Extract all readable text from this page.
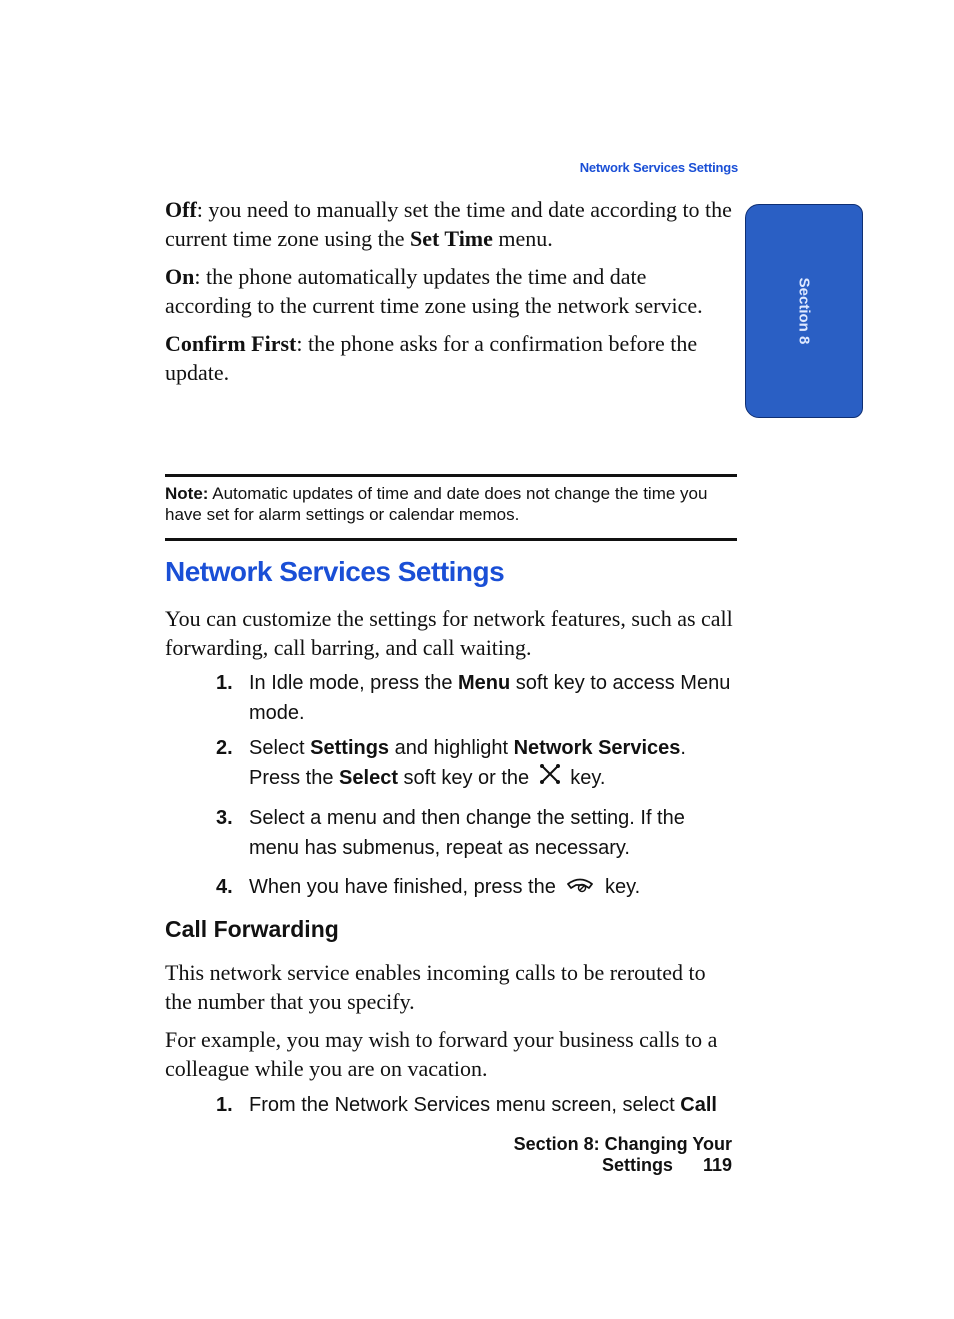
Network Services Settings
Section 8

Off: you need to manually set the time and date according to the current time zone using the Set Time menu.

On: the phone automatically updates the time and date according to the current time zone using the network service.

Confirm First: the phone asks for a confirmation before the update.

Note: Automatic updates of time and date does not change the time you have set for alarm settings or calendar memos.
Network Services Settings

You can customize the settings for network features, such as call forwarding, call barring, and call waiting.

1. In Idle mode, press the Menu soft key to access Menu mode.
2. Select Settings and highlight Network Services. Press the Select soft key or the  key.
3. Select a menu and then change the setting. If the menu has submenus, repeat as necessary.
4. When you have finished, press the  key.
Call Forwarding

This network service enables incoming calls to be rerouted to the number that you specify.

For example, you may wish to forward your business calls to a colleague while you are on vacation.

1. From the Network Services menu screen, select Call
Section 8: Changing Your Settings 119
